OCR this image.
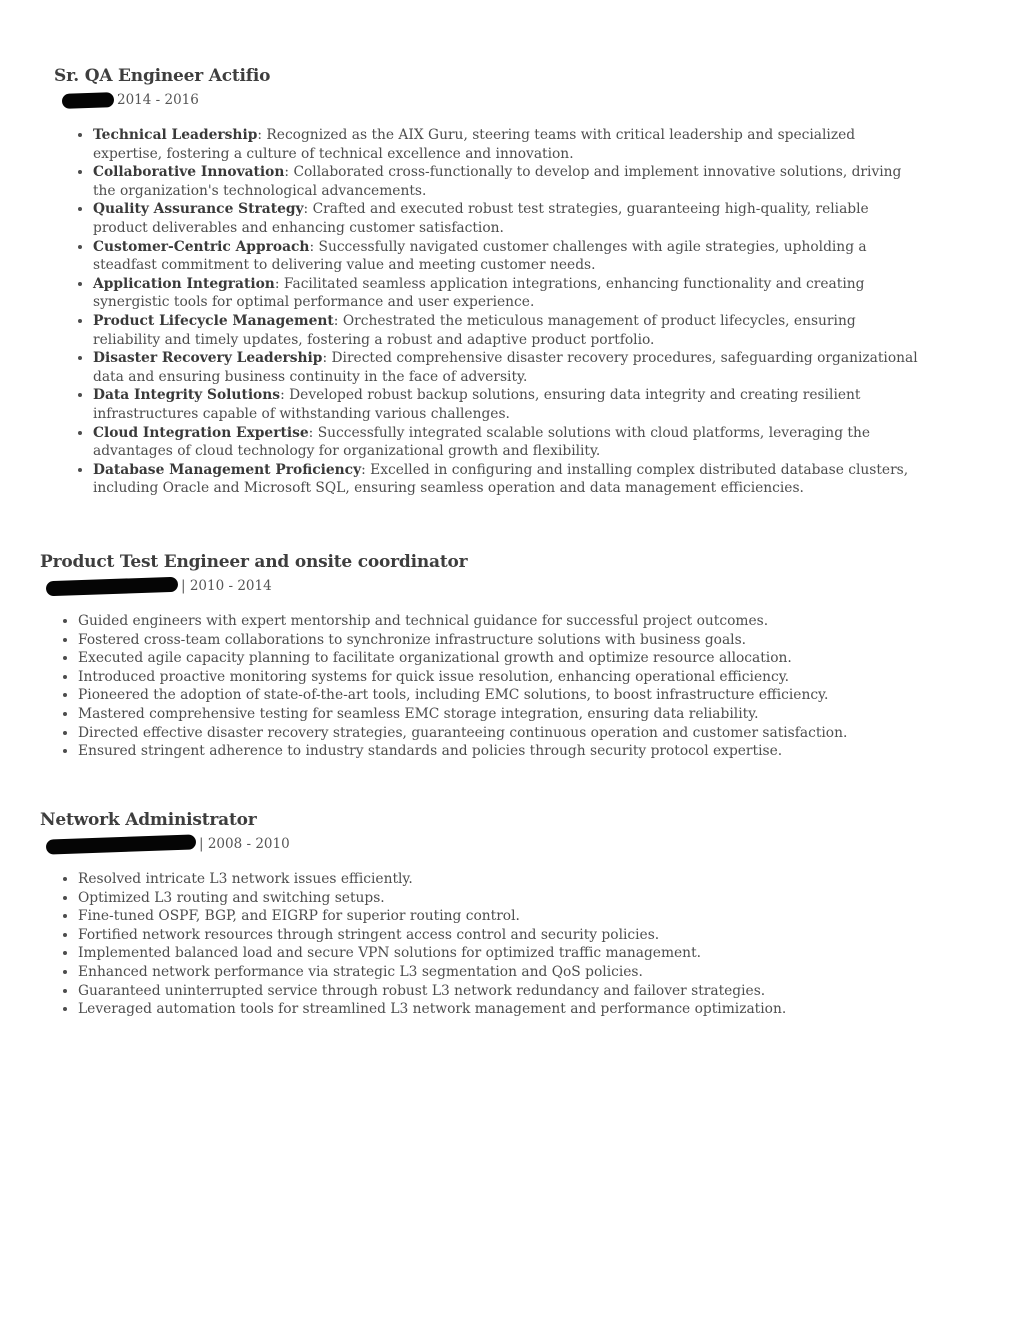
Sr. QA Engineer Actifio
2014 - 2016
• Technical Leadership: Recognized as the AIX Guru, steering teams with critical leadership and specialized expertise, fostering a culture of technical excellence and innovation.
• Collaborative Innovation: Collaborated cross-functionally to develop and implement innovative solutions, driving the organization's technological advancements.
• Quality Assurance Strategy: Crafted and executed robust test strategies, guaranteeing high-quality, reliable product deliverables and enhancing customer satisfaction.
• Customer-Centric Approach: Successfully navigated customer challenges with agile strategies, upholding a steadfast commitment to delivering value and meeting customer needs.
• Application Integration: Facilitated seamless application integrations, enhancing functionality and creating synergistic tools for optimal performance and user experience.
• Product Lifecycle Management: Orchestrated the meticulous management of product lifecycles, ensuring reliability and timely updates, fostering a robust and adaptive product portfolio.
• Disaster Recovery Leadership: Directed comprehensive disaster recovery procedures, safeguarding organizational data and ensuring business continuity in the face of adversity.
• Data Integrity Solutions: Developed robust backup solutions, ensuring data integrity and creating resilient infrastructures capable of withstanding various challenges.
• Cloud Integration Expertise: Successfully integrated scalable solutions with cloud platforms, leveraging the advantages of cloud technology for organizational growth and flexibility.
• Database Management Proficiency: Excelled in configuring and installing complex distributed database clusters, including Oracle and Microsoft SQL, ensuring seamless operation and data management efficiencies.
Product Test Engineer and onsite coordinator
| 2010 - 2014
• Guided engineers with expert mentorship and technical guidance for successful project outcomes.
• Fostered cross-team collaborations to synchronize infrastructure solutions with business goals.
• Executed agile capacity planning to facilitate organizational growth and optimize resource allocation.
• Introduced proactive monitoring systems for quick issue resolution, enhancing operational efficiency.
• Pioneered the adoption of state-of-the-art tools, including EMC solutions, to boost infrastructure efficiency.
• Mastered comprehensive testing for seamless EMC storage integration, ensuring data reliability.
• Directed effective disaster recovery strategies, guaranteeing continuous operation and customer satisfaction.
• Ensured stringent adherence to industry standards and policies through security protocol expertise.
Network Administrator
| 2008 - 2010
• Resolved intricate L3 network issues efficiently.
• Optimized L3 routing and switching setups.
• Fine-tuned OSPF, BGP, and EIGRP for superior routing control.
• Fortified network resources through stringent access control and security policies.
• Implemented balanced load and secure VPN solutions for optimized traffic management.
• Enhanced network performance via strategic L3 segmentation and QoS policies.
• Guaranteed uninterrupted service through robust L3 network redundancy and failover strategies.
• Leveraged automation tools for streamlined L3 network management and performance optimization.
